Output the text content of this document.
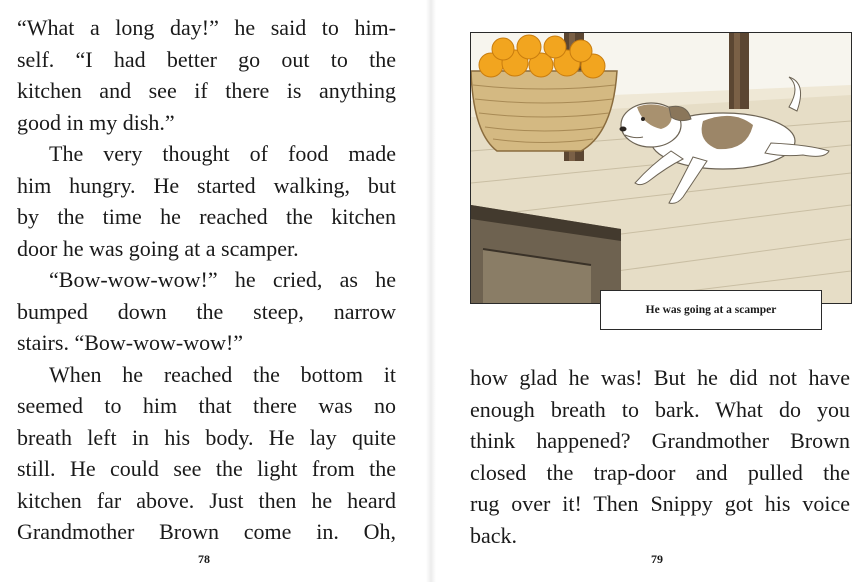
“What a long day!” he said to him-
self. “I had better go out to the
kitchen and see if there is anything
good in my dish.”
The very thought of food made
him hungry. He started walking, but
by the time he reached the kitchen
door he was going at a scamper.
“Bow-wow-wow!” he cried, as he
bumped down the steep, narrow
stairs. “Bow-wow-wow!”
When he reached the bottom it
seemed to him that there was no
breath left in his body. He lay quite
still. He could see the light from the
kitchen far above. Just then he heard
Grandmother Brown come in. Oh,
78
He was going at a scamper
how glad he was! But he did not have
enough breath to bark. What do you
think happened? Grandmother Brown
closed the trap-door and pulled the
rug over it! Then Snippy got his voice
back.
79
